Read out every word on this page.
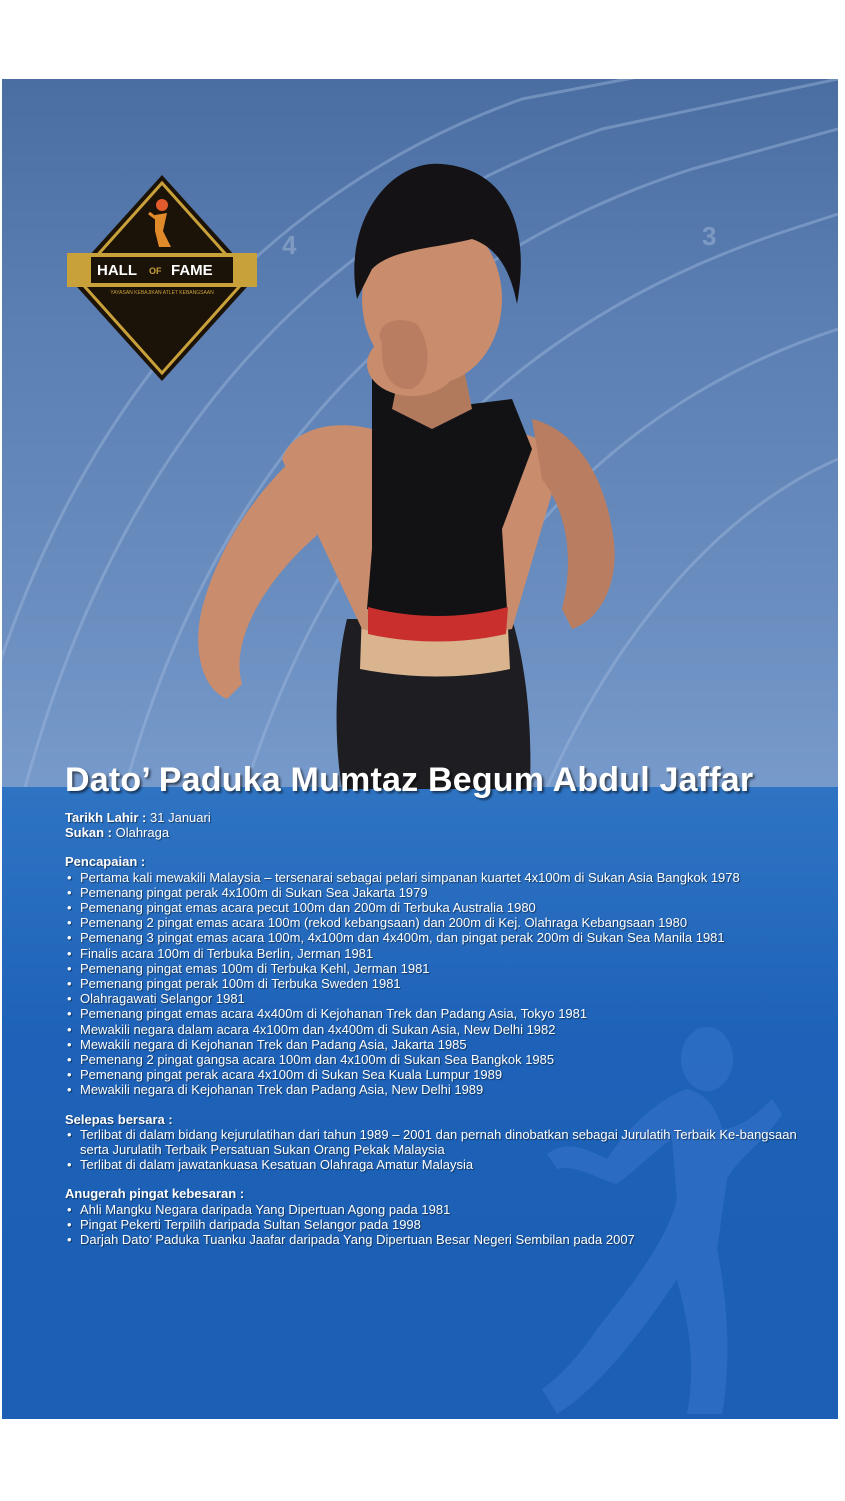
4	3
HALL OF FAME
YAYASAN KEBAJIKAN ATLET KEBANGSAAN
Dato’ Paduka Mumtaz Begum Abdul Jaffar
Tarikh Lahir : 31 Januari
Sukan : Olahraga
Pencapaian :
• Pertama kali mewakili Malaysia – tersenarai sebagai pelari simpanan kuartet 4x100m di Sukan Asia Bangkok 1978
• Pemenang pingat perak 4x100m di Sukan Sea Jakarta 1979
• Pemenang pingat emas acara pecut 100m dan 200m di Terbuka Australia 1980
• Pemenang 2 pingat emas acara 100m (rekod kebangsaan) dan 200m di Kej. Olahraga Kebangsaan 1980
• Pemenang 3 pingat emas acara 100m, 4x100m dan 4x400m, dan pingat perak 200m di Sukan Sea Manila 1981
• Finalis acara 100m di Terbuka Berlin, Jerman 1981
• Pemenang pingat emas 100m di Terbuka Kehl, Jerman 1981
• Pemenang pingat perak 100m di Terbuka Sweden 1981
• Olahragawati Selangor 1981
• Pemenang pingat emas acara 4x400m di Kejohanan Trek dan Padang Asia, Tokyo 1981
• Mewakili negara dalam acara 4x100m dan 4x400m di Sukan Asia, New Delhi 1982
• Mewakili negara di Kejohanan Trek dan Padang Asia, Jakarta 1985
• Pemenang 2 pingat gangsa acara 100m dan 4x100m di Sukan Sea Bangkok 1985
• Pemenang pingat perak acara 4x100m di Sukan Sea Kuala Lumpur 1989
• Mewakili negara di Kejohanan Trek dan Padang Asia, New Delhi 1989
Selepas bersara :
• Terlibat di dalam bidang kejurulatihan dari tahun 1989 – 2001 dan pernah dinobatkan sebagai Jurulatih Terbaik Ke-bangsaan serta Jurulatih Terbaik Persatuan Sukan Orang Pekak Malaysia
• Terlibat di dalam jawatankuasa Kesatuan Olahraga Amatur Malaysia
Anugerah pingat kebesaran :
• Ahli Mangku Negara daripada Yang Dipertuan Agong pada 1981
• Pingat Pekerti Terpilih daripada Sultan Selangor pada 1998
• Darjah Dato’ Paduka Tuanku Jaafar daripada Yang Dipertuan Besar Negeri Sembilan pada 2007
